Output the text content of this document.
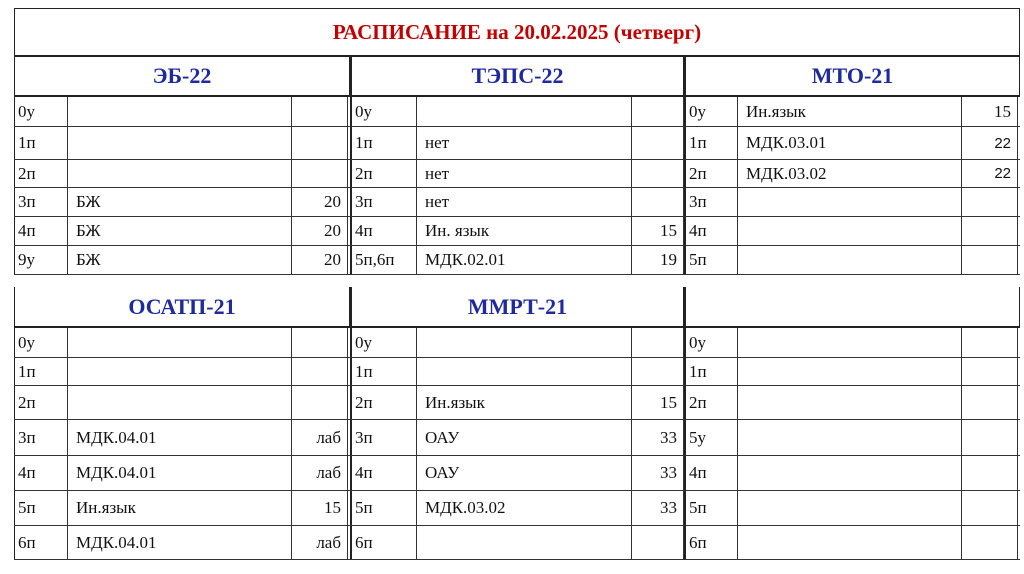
РАСПИСАНИЕ на 20.02.2025 (четверг)
ЭБ-22
0у
1п
2п
3п	БЖ	20
4п	БЖ	20
9у	БЖ	20
ТЭПС-22
0у
1п	нет
2п	нет
3п	нет
4п	Ин. язык	15
5п,6п	МДК.02.01	19
МТО-21
0у	Ин.язык	15
1п	МДК.03.01	22
2п	МДК.03.02	22
3п
4п
5п
ОСАТП-21
0у
1п
2п
3п	МДК.04.01	лаб
4п	МДК.04.01	лаб
5п	Ин.язык	15
6п	МДК.04.01	лаб
ММРТ-21
0у
1п
2п	Ин.язык	15
3п	ОАУ	33
4п	ОАУ	33
5п	МДК.03.02	33
6п
0у
1п
2п
5у
4п
5п
6п
